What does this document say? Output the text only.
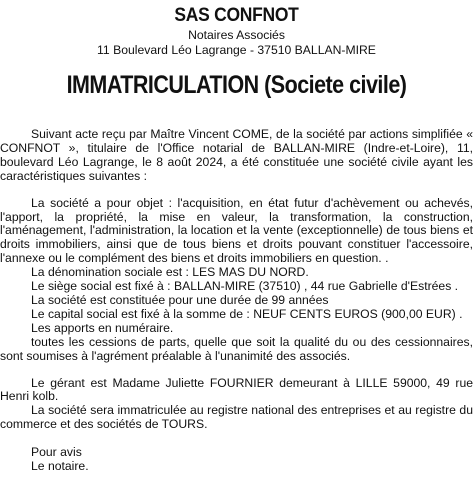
SAS CONFNOT
Notaires Associés
11 Boulevard Léo Lagrange - 37510 BALLAN-MIRE
IMMATRICULATION (Societe civile)

Suivant acte reçu par Maître Vincent COME, de la société par actions simplifiée « CONFNOT », titulaire de l'Office notarial de BALLAN-MIRE (Indre-et-Loire), 11, boulevard Léo Lagrange, le 8 août 2024, a été constituée une société civile ayant les caractéristiques suivantes :

La société a pour objet : l'acquisition, en état futur d'achèvement ou achevés, l'apport, la propriété, la mise en valeur, la transformation, la construction, l'aménagement, l'administration, la location et la vente (exceptionnelle) de tous biens et droits immobiliers, ainsi que de tous biens et droits pouvant constituer l'accessoire, l'annexe ou le complément des biens et droits immobiliers en question. .

La dénomination sociale est : LES MAS DU NORD.
Le siège social est fixé à : BALLAN-MIRE (37510) , 44 rue Gabrielle d'Estrées .
La société est constituée pour une durée de 99 années
Le capital social est fixé à la somme de : NEUF CENTS EUROS (900,00 EUR) .
Les apports en numéraire.

toutes les cessions de parts, quelle que soit la qualité du ou des cessionnaires, sont soumises à l'agrément préalable à l'unanimité des associés.

Le gérant est Madame Juliette FOURNIER demeurant à LILLE 59000, 49 rue Henri kolb.

La société sera immatriculée au registre national des entreprises et au registre du commerce et des sociétés de TOURS.

Pour avis
Le notaire.
